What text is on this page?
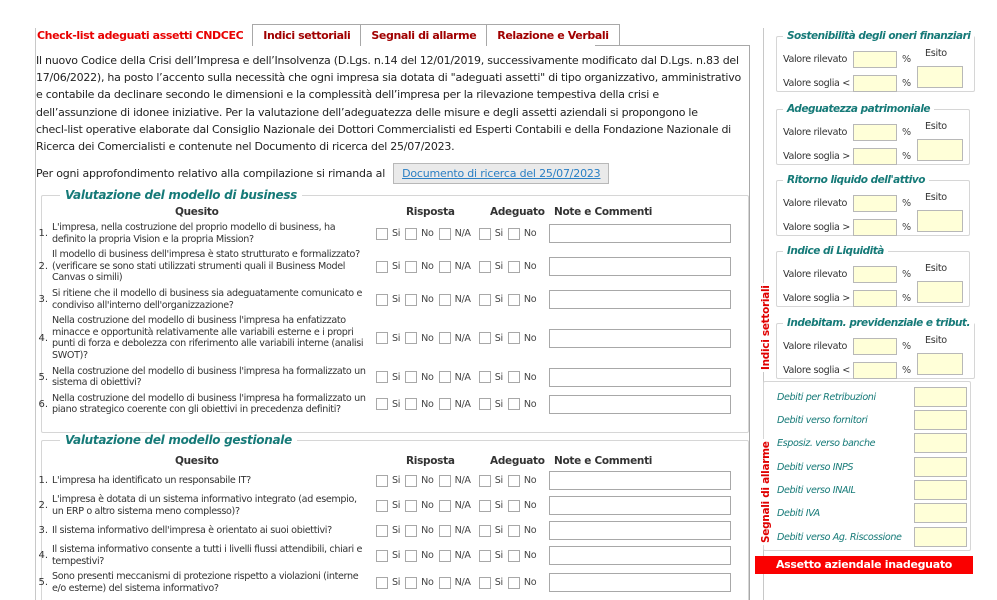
Check-list adeguati assetti CNDCEC	Indici settoriali	Segnali di allarme	Relazione e Verbali
Il nuovo Codice della Crisi dell’Impresa e dell’Insolvenza (D.Lgs. n.14 del 12/01/2019, successivamente modificato dal D.Lgs. n.83 del
17/06/2022), ha posto l’accento sulla necessità che ogni impresa sia dotata di "adeguati assetti" di tipo organizzativo, amministrativo
e contabile da declinare secondo le dimensioni e la complessità dell’impresa per la rilevazione tempestiva della crisi e
dell’assunzione di idonee iniziative. Per la valutazione dell’adeguatezza delle misure e degli assetti aziendali si propongono le
checl-list operative elaborate dal Consiglio Nazionale dei Dottori Commercialisti ed Esperti Contabili e della Fondazione Nazionale di
Ricerca dei Comercialisti e contenute nel Documento di ricerca del 25/07/2023.
Per ogni approfondimento relativo alla compilazione si rimanda al	Documento di ricerca del 25/07/2023
Valutazione del modello di business
Quesito	Risposta	Adeguato Note e Commenti
1.
L'impresa, nella costruzione del proprio modello di business, ha definito la propria Vision e la propria Mission?	Si No N/A	Si No
2.
Il modello di business dell'impresa è stato strutturato e formalizzato? (verificare se sono stati utilizzati strumenti quali il Business Model Canvas o simili)
Si No N/A	Si No
3.
Si ritiene che il modello di business sia adeguatamente comunicato e condiviso all'interno dell'organizzazione?	Si No N/A	Si No
4.
Nella costruzione del modello di business l'impresa ha enfatizzato minacce e opportunità relativamente alle variabili esterne e i propri punti di forza e debolezza con riferimento alle variabili interne (analisi SWOT)?
Si No N/A	Si No
5.
Nella costruzione del modello di business l'impresa ha formalizzato un sistema di obiettivi?	Si No N/A	Si No
6.
Nella costruzione del modello di business l'impresa ha formalizzato un piano strategico coerente con gli obiettivi in precedenza definiti?	Si No N/A	Si No
Valutazione del modello gestionale
Quesito	Risposta	Adeguato Note e Commenti
1. L'impresa ha identificato un responsabile IT?	Si No N/A	Si No
2.
L'impresa è dotata di un sistema informativo integrato (ad esempio, un ERP o altro sistema meno complesso)?	Si No N/A	Si No
3. Il sistema informativo dell'impresa è orientato ai suoi obiettivi?	Si No N/A	Si No
4.
Il sistema informativo consente a tutti i livelli flussi attendibili, chiari e tempestivi?	Si No N/A	Si No
5.
Sono presenti meccanismi di protezione rispetto a violazioni (interne e/o esterne) del sistema informativo?	Si No N/A	Si No
Sostenibilità degli oneri finanziari
Valore rilevato	%
Valore soglia <	%
Esito
Adeguatezza patrimoniale
Valore rilevato	%
Valore soglia >	%
Esito
Ritorno liquido dell'attivo
Valore rilevato	%
Valore soglia >	%
Esito
Indice di Liquidità
Valore rilevato	%
Valore soglia >	%
Esito
Indebitam. previdenziale e tribut.
Valore rilevato	%
Valore soglia <	%
Esito
Indici settoriali
Debiti per Retribuzioni
Debiti verso fornitori
Esposiz. verso banche
Debiti verso INPS
Debiti verso INAIL
Debiti IVA
Debiti verso Ag. Riscossione
Segnali di allarme
Assetto aziendale inadeguato
